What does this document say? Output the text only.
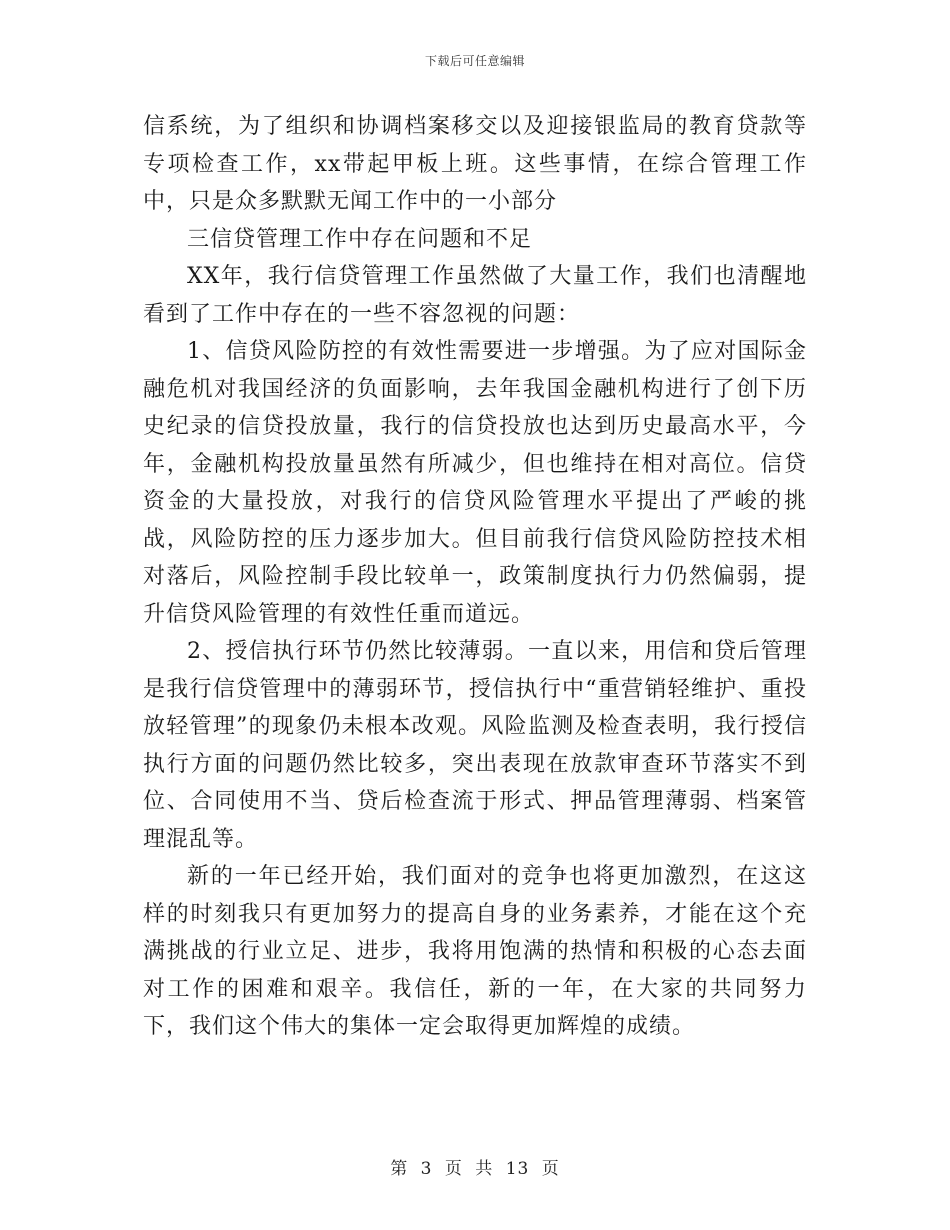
下载后可任意编辑

信系统，为了组织和协调档案移交以及迎接银监局的教育贷款等专项检查工作，xx带起甲板上班。这些事情，在综合管理工作中，只是众多默默无闻工作中的一小部分

三信贷管理工作中存在问题和不足

XX年，我行信贷管理工作虽然做了大量工作，我们也清醒地看到了工作中存在的一些不容忽视的问题：

1、信贷风险防控的有效性需要进一步增强。为了应对国际金融危机对我国经济的负面影响，去年我国金融机构进行了创下历史纪录的信贷投放量，我行的信贷投放也达到历史最高水平，今年，金融机构投放量虽然有所减少，但也维持在相对高位。信贷资金的大量投放，对我行的信贷风险管理水平提出了严峻的挑战，风险防控的压力逐步加大。但目前我行信贷风险防控技术相对落后，风险控制手段比较单一，政策制度执行力仍然偏弱，提升信贷风险管理的有效性任重而道远。

2、授信执行环节仍然比较薄弱。一直以来，用信和贷后管理是我行信贷管理中的薄弱环节，授信执行中“重营销轻维护、重投放轻管理”的现象仍未根本改观。风险监测及检查表明，我行授信执行方面的问题仍然比较多，突出表现在放款审查环节落实不到位、合同使用不当、贷后检查流于形式、押品管理薄弱、档案管理混乱等。

新的一年已经开始，我们面对的竞争也将更加激烈，在这这样的时刻我只有更加努力的提高自身的业务素养，才能在这个充满挑战的行业立足、进步，我将用饱满的热情和积极的心态去面对工作的困难和艰辛。我信任，新的一年，在大家的共同努力下，我们这个伟大的集体一定会取得更加辉煌的成绩。

第 3 页 共 13 页
